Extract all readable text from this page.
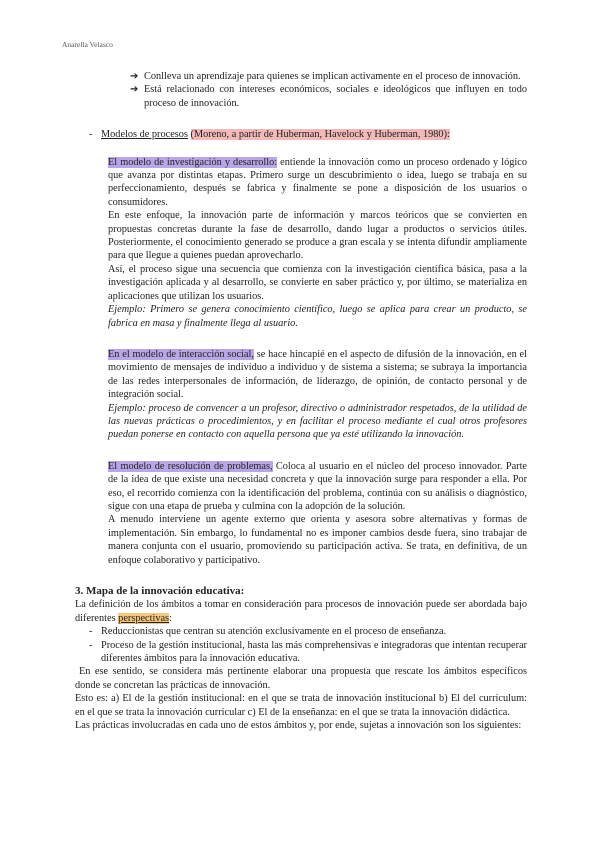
Anarella Velasco
➔ Conlleva un aprendizaje para quienes se implican activamente en el proceso de innovación.
➔ Está relacionado con intereses económicos, sociales e ideológicos que influyen en todo proceso de innovación.
- Modelos de procesos (Moreno, a partir de Huberman, Havelock y Huberman, 1980):

El modelo de investigación y desarrollo: entiende la innovación como un proceso ordenado y lógico que avanza por distintas etapas. Primero surge un descubrimiento o idea, luego se trabaja en su perfeccionamiento, después se fabrica y finalmente se pone a disposición de los usuarios o consumidores.

En este enfoque, la innovación parte de información y marcos teóricos que se convierten en propuestas concretas durante la fase de desarrollo, dando lugar a productos o servicios útiles. Posteriormente, el conocimiento generado se produce a gran escala y se intenta difundir ampliamente para que llegue a quienes puedan aprovecharlo.

Así, el proceso sigue una secuencia que comienza con la investigación científica básica, pasa a la investigación aplicada y al desarrollo, se convierte en saber práctico y, por último, se materializa en aplicaciones que utilizan los usuarios.

Ejemplo: Primero se genera conocimiento científico, luego se aplica para crear un producto, se fabrica en masa y finalmente llega al usuario.

En el modelo de interacción social, se hace hincapié en el aspecto de difusión de la innovación, en el movimiento de mensajes de individuo a individuo y de sistema a sistema; se subraya la importancia de las redes interpersonales de información, de liderazgo, de opinión, de contacto personal y de integración social.

Ejemplo: proceso de convencer a un profesor, directivo o administrador respetados, de la utilidad de las nuevas prácticas o procedimientos, y en facilitar el proceso mediante el cual otros profesores puedan ponerse en contacto con aquella persona que ya esté utilizando la innovación.

El modelo de resolución de problemas, Coloca al usuario en el núcleo del proceso innovador. Parte de la idea de que existe una necesidad concreta y que la innovación surge para responder a ella. Por eso, el recorrido comienza con la identificación del problema, continúa con su análisis o diagnóstico, sigue con una etapa de prueba y culmina con la adopción de la solución.

A menudo interviene un agente externo que orienta y asesora sobre alternativas y formas de implementación. Sin embargo, lo fundamental no es imponer cambios desde fuera, sino trabajar de manera conjunta con el usuario, promoviendo su participación activa. Se trata, en definitiva, de un enfoque colaborativo y participativo.

3. Mapa de la innovación educativa:

La definición de los ámbitos a tomar en consideración para procesos de innovación puede ser abordada bajo diferentes perspectivas:

- Reduccionistas que centran su atención exclusivamente en el proceso de enseñanza.
- Proceso de la gestión institucional, hasta las más comprehensivas e integradoras que intentan recuperar diferentes ámbitos para la innovación educativa.

En ese sentido, se considera más pertinente elaborar una propuesta que rescate los ámbitos específicos donde se concretan las prácticas de innovación.

Esto es: a) El de la gestión institucional: en el que se trata de innovación institucional b) El del currículum: en el que se trata la innovación curricular c) El de la enseñanza: en el que se trata la innovación didáctica.

Las prácticas involucradas en cada uno de estos ámbitos y, por ende, sujetas a innovación son los siguientes:
